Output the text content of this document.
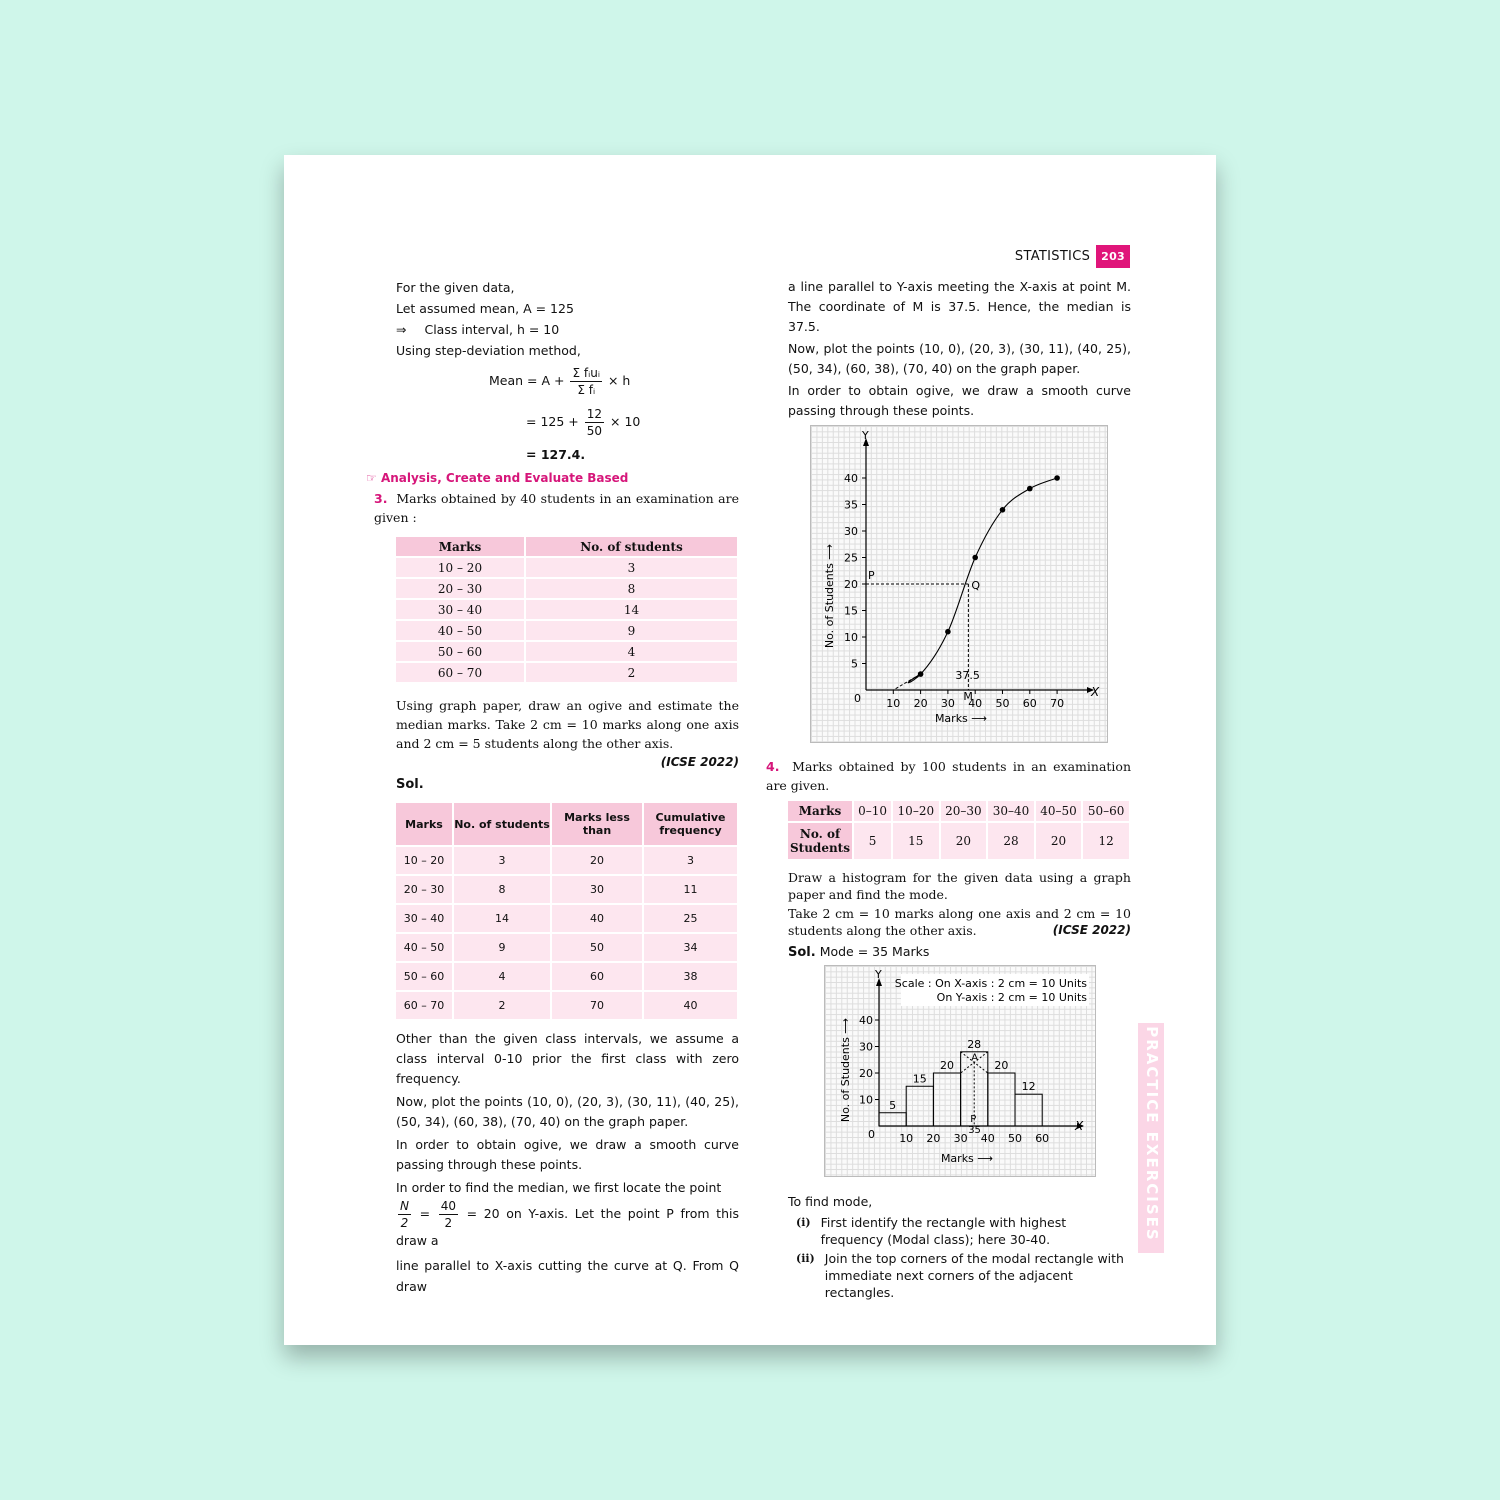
STATISTICS	203

For the given data,

Let assumed mean, A = 125

⇒ Class interval, h = 10

Using step-deviation method,

Mean = $A + \frac{\text{Σ fᵢuᵢ}}{\text{Σ fᵢ}} \times h$
= $125 + \frac{12}{50} \times 10$
= 127.4.
☞ Analysis, Create and Evaluate Based

3. Marks obtained by 40 students in an examination are given :

Marks	No. of students
10 – 20	3
20 – 30	8
30 – 40	14
40 – 50	9
50 – 60	4
60 – 70	2

Using graph paper, draw an ogive and estimate the median marks. Take 2 cm = 10 marks along one axis and 2 cm = 5 students along the other axis.

(ICSE 2022)

Sol.

Marks	No. of students	Marks less than	Cumulative frequency
10 – 20	3	20	3
20 – 30	8	30	11
30 – 40	14	40	25
40 – 50	9	50	34
50 – 60	4	60	38
60 – 70	2	70	40

Other than the given class intervals, we assume a class interval 0-10 prior the first class with zero frequency.

Now, plot the points (10, 0), (20, 3), (30, 11), (40, 25), (50, 34), (60, 38), (70, 40) on the graph paper.

In order to obtain ogive, we draw a smooth curve passing through these points.

In order to find the median, we first locate the point

$\frac{N}{2} = \frac{40}{2} = 20$ on Y-axis. Let the point P from this draw a

line parallel to X-axis cutting the curve at Q. From Q draw

a line parallel to Y-axis meeting the X-axis at point M. The coordinate of M is 37.5. Hence, the median is 37.5.

Now, plot the points (10, 0), (20, 3), (30, 11), (40, 25), (50, 34), (60, 38), (70, 40) on the graph paper.

In order to obtain ogive, we draw a smooth curve passing through these points.

X
Y
0 10 20 30 40 50 60 70
5
10
15
20
25
30
35
40
Marks ⟶
No. of Students ⟶	P
Q
M
37.5

4. Marks obtained by 100 students in an examination are given.

Marks	0–10	10–20	20–30	30–40	40–50	50–60
No. of Students	5	15	20	28	20	12

Draw a histogram for the given data using a graph paper and find the mode.

Take 2 cm = 10 marks along one axis and 2 cm = 10 students along the other axis.	(ICSE 2022)

Sol. Mode = 35 Marks

X
Y
0
Scale : On X-axis : 2 cm = 10 Units
On Y-axis : 2 cm = 10 Units
5
15
20
28
20
12
10 20 30 40 50 60
10
20
30
40
Marks ⟶
No. of Students ⟶	A
P
35

To find mode,

(i) First identify the rectangle with highest frequency (Modal class); here 30-40.
(ii) Join the top corners of the modal rectangle with immediate next corners of the adjacent rectangles.
PRACTICE EXERCISES
